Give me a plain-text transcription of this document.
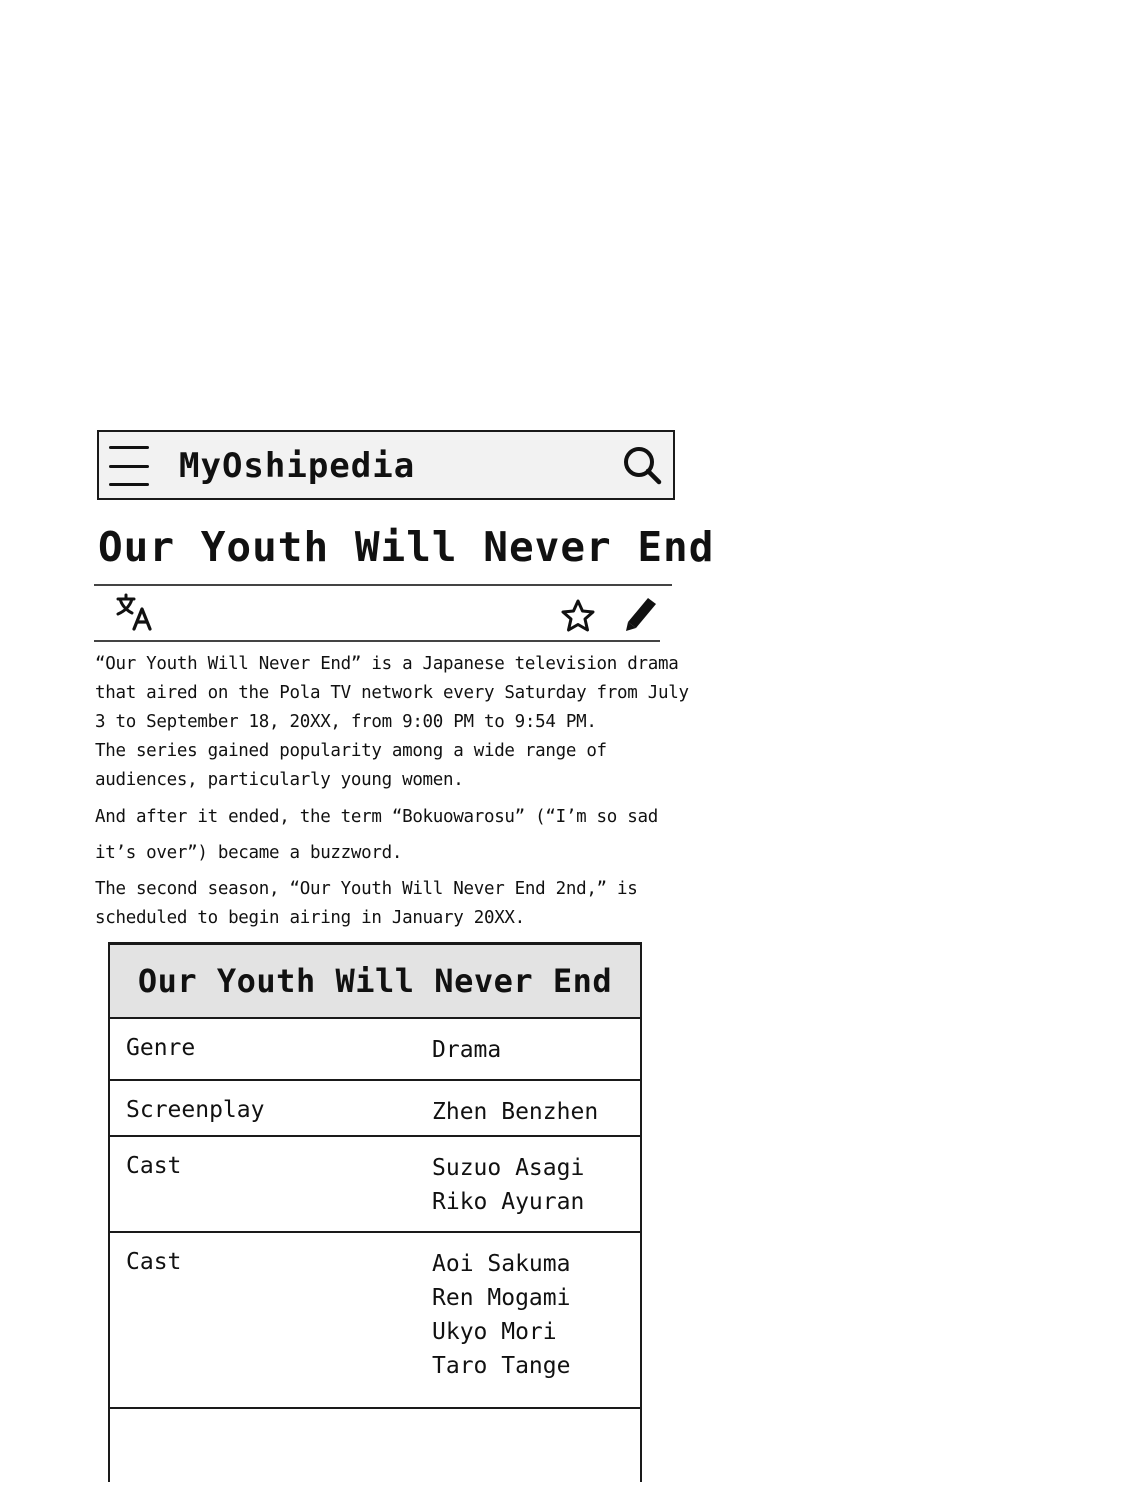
MyOshipedia
Our Youth Will Never End

“Our Youth Will Never End” is a Japanese television drama that aired on the Pola TV network every Saturday from July 3 to September 18, 20XX, from 9:00 PM to 9:54 PM.

The series gained popularity among a wide range of audiences, particularly young women.

And after it ended, the term “Bokuowarosu” (“I’m so sad it’s over”) became a buzzword.

The second season, “Our Youth Will Never End 2nd,” is scheduled to begin airing in January 20XX.

Our Youth Will Never End
Genre	Drama
Screenplay	Zhen Benzhen
Cast	Suzuo Asagi
Riko Ayuran
Cast	Aoi Sakuma
Ren Mogami
Ukyo Mori
Taro Tange
